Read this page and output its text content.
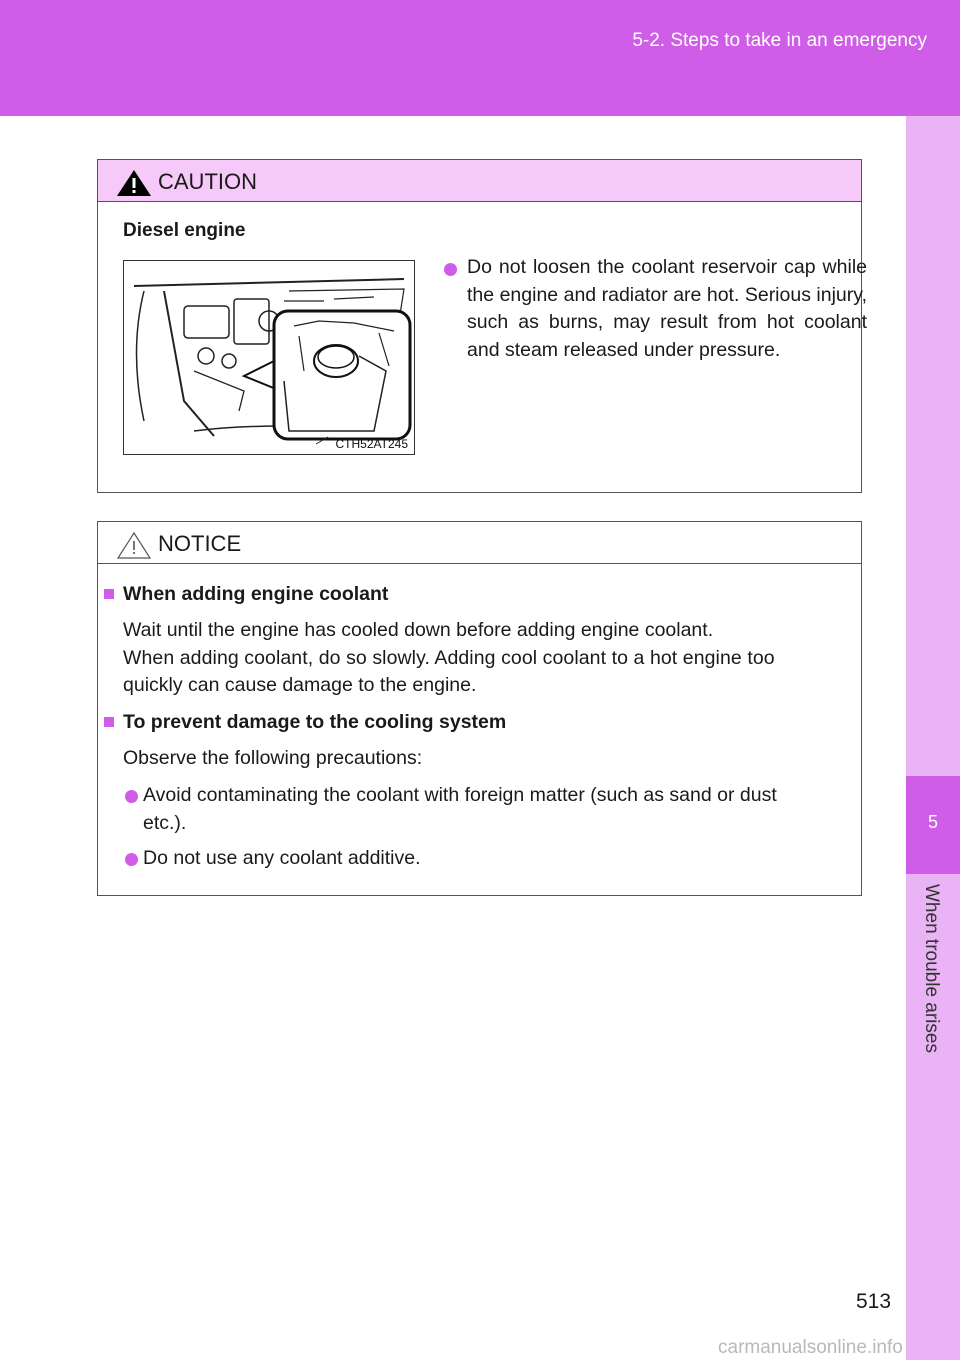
5-2. Steps to take in an emergency
5
When trouble arises
CAUTION
Diesel engine
CTH52AT245
Do not loosen the coolant reservoir cap while the engine and radiator are hot. Serious injury, such as burns, may result from hot coolant and steam released under pressure.
NOTICE
When adding engine coolant
Wait until the engine has cooled down before adding engine coolant.
When adding coolant, do so slowly. Adding cool coolant to a hot engine too
quickly can cause damage to the engine.
To prevent damage to the cooling system
Observe the following precautions:
Avoid contaminating the coolant with foreign matter (such as sand or dust
etc.).
Do not use any coolant additive.
513
carmanualsonline.info
